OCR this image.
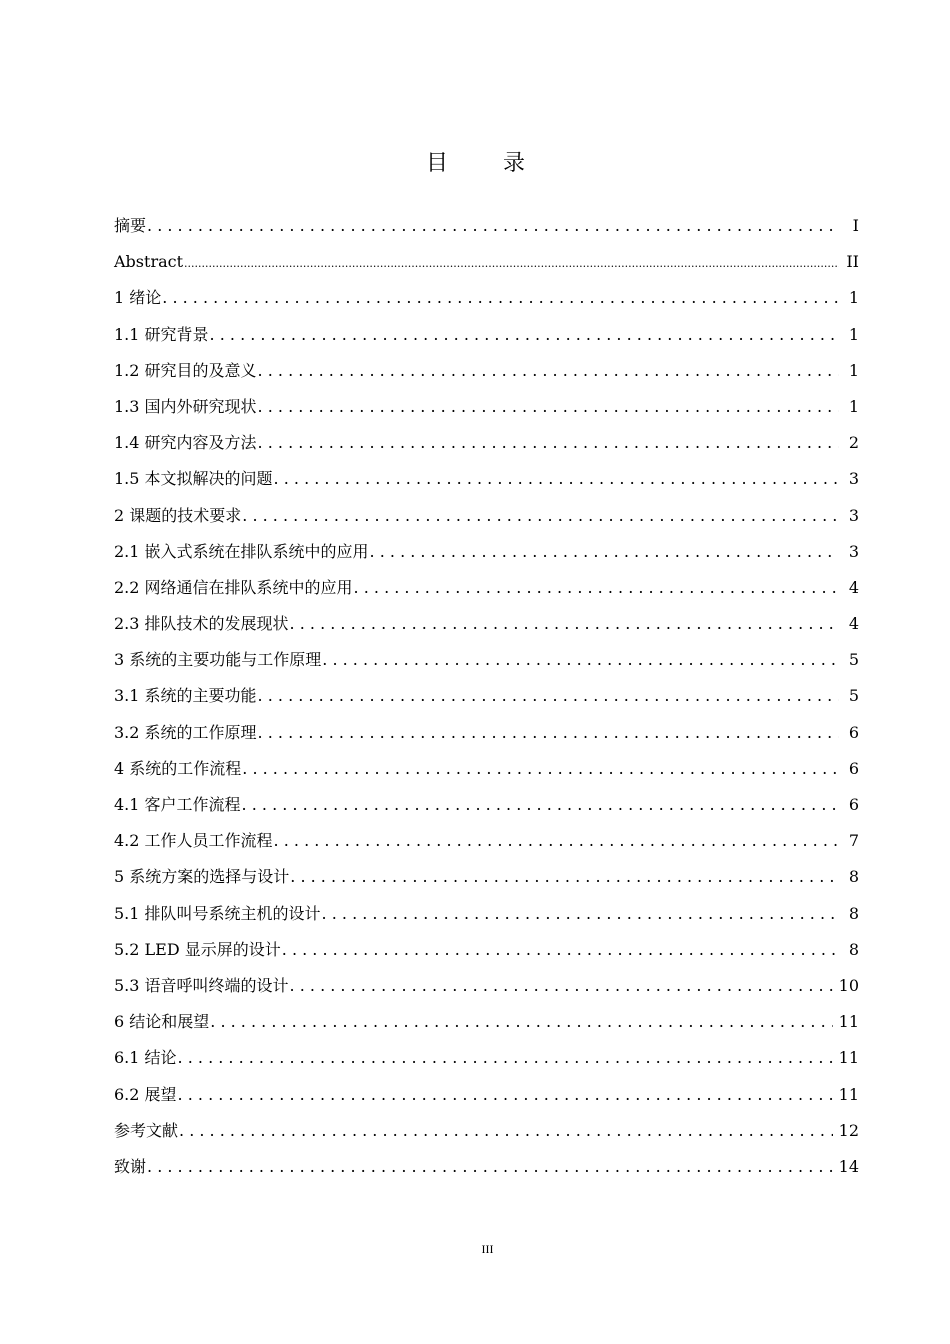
目 录
摘要 . . .	I
Abstract .....	II
1 绪论 . . .	1
1.1 研究背景 . . .	1
1.2 研究目的及意义 . . .	1
1.3 国内外研究现状 . . .	1
1.4 研究内容及方法 . . .	2
1.5 本文拟解决的问题 . . .	3
2 课题的技术要求 . . .	3
2.1 嵌入式系统在排队系统中的应用 . . .	3
2.2 网络通信在排队系统中的应用 . . .	4
2.3 排队技术的发展现状 . . .	4
3 系统的主要功能与工作原理 . . .	5
3.1 系统的主要功能 . . .	5
3.2 系统的工作原理 . . .	6
4 系统的工作流程 . . .	6
4.1 客户工作流程 . . .	6
4.2 工作人员工作流程 . . .	7
5 系统方案的选择与设计 . . .	8
5.1 排队叫号系统主机的设计 . . .	8
5.2 LED 显示屏的设计 . . .	8
5.3 语音呼叫终端的设计 . . .	10
6 结论和展望 . . .	11
6.1 结论 . . .	11
6.2 展望 . . .	11
参考文献 . . .	12
致谢 . . .	14
III
